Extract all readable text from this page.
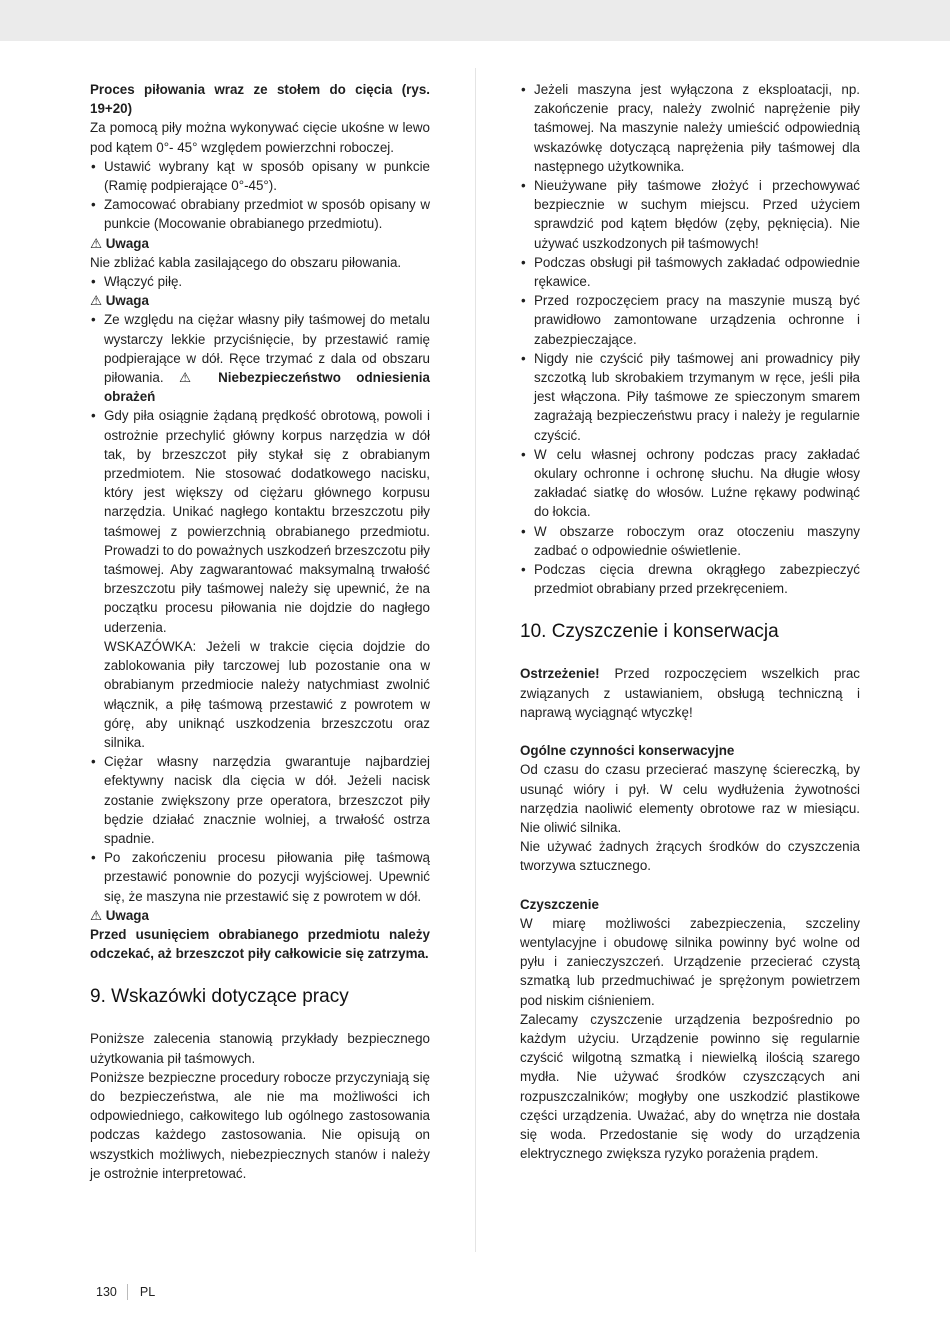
Proces piłowania wraz ze stołem do cięcia (rys. 19+20)

Za pomocą piły można wykonywać cięcie ukośne w lewo pod kątem 0°- 45° względem powierzchni roboczej.

• Ustawić wybrany kąt w sposób opisany w punkcie (Ramię podpierające 0°-45°).

• Zamocować obrabiany przedmiot w sposób opisany w punkcie (Mocowanie obrabianego przedmiotu).

⚠ Uwaga

Nie zbliżać kabla zasilającego do obszaru piłowania.

• Włączyć piłę.

⚠ Uwaga

• Ze względu na ciężar własny piły taśmowej do metalu wystarczy lekkie przyciśnięcie, by przestawić ramię podpierające w dół. Ręce trzymać z dala od obszaru piłowania. ⚠ Niebezpieczeństwo odniesienia obrażeń

• Gdy piła osiągnie żądaną prędkość obrotową, powoli i ostrożnie przechylić główny korpus narzędzia w dół tak, by brzeszczot piły stykał się z obrabianym przedmiotem. Nie stosować dodatkowego nacisku, który jest większy od ciężaru głównego korpusu narzędzia. Unikać nagłego kontaktu brzeszczotu piły taśmowej z powierzchnią obrabianego przedmiotu. Prowadzi to do poważnych uszkodzeń brzeszczotu piły taśmowej. Aby zagwarantować maksymalną trwałość brzeszczotu piły taśmowej należy się upewnić, że na początku procesu piłowania nie dojdzie do nagłego uderzenia.

WSKAZÓWKA: Jeżeli w trakcie cięcia dojdzie do zablokowania piły tarczowej lub pozostanie ona w obrabianym przedmiocie należy natychmiast zwolnić włącznik, a piłę taśmową przestawić z powrotem w górę, aby uniknąć uszkodzenia brzeszczotu oraz silnika.

• Ciężar własny narzędzia gwarantuje najbardziej efektywny nacisk dla cięcia w dół. Jeżeli nacisk zostanie zwiększony prze operatora, brzeszczot piły będzie działać znacznie wolniej, a trwałość ostrza spadnie.

• Po zakończeniu procesu piłowania piłę taśmową przestawić ponownie do pozycji wyjściowej. Upewnić się, że maszyna nie przestawić się z powrotem w dół.

⚠ Uwaga

Przed usunięciem obrabianego przedmiotu należy odczekać, aż brzeszczot piły całkowicie się zatrzyma.

9. Wskazówki dotyczące pracy

Poniższe zalecenia stanowią przykłady bezpiecznego użytkowania pił taśmowych.

Poniższe bezpieczne procedury robocze przyczyniają się do bezpieczeństwa, ale nie ma możliwości ich odpowiedniego, całkowitego lub ogólnego zastosowania podczas każdego zastosowania. Nie opisują on wszystkich możliwych, niebezpiecznych stanów i należy je ostrożnie interpretować.

• Jeżeli maszyna jest wyłączona z eksploatacji, np. zakończenie pracy, należy zwolnić naprężenie piły taśmowej. Na maszynie należy umieścić odpowiednią wskazówkę dotyczącą naprężenia piły taśmowej dla następnego użytkownika.

• Nieużywane piły taśmowe złożyć i przechowywać bezpiecznie w suchym miejscu. Przed użyciem sprawdzić pod kątem błędów (zęby, pęknięcia). Nie używać uszkodzonych pił taśmowych!

• Podczas obsługi pił taśmowych zakładać odpowiednie rękawice.

• Przed rozpoczęciem pracy na maszynie muszą być prawidłowo zamontowane urządzenia ochronne i zabezpieczające.

• Nigdy nie czyścić piły taśmowej ani prowadnicy piły szczotką lub skrobakiem trzymanym w ręce, jeśli piła jest włączona. Piły taśmowe ze spieczonym smarem zagrażają bezpieczeństwu pracy i należy je regularnie czyścić.

• W celu własnej ochrony podczas pracy zakładać okulary ochronne i ochronę słuchu. Na długie włosy zakładać siatkę do włosów. Luźne rękawy podwinąć do łokcia.

• W obszarze roboczym oraz otoczeniu maszyny zadbać o odpowiednie oświetlenie.

• Podczas cięcia drewna okrągłego zabezpieczyć przedmiot obrabiany przed przekręceniem.

10. Czyszczenie i konserwacja

Ostrzeżenie! Przed rozpoczęciem wszelkich prac związanych z ustawianiem, obsługą techniczną i naprawą wyciągnąć wtyczkę!

Ogólne czynności konserwacyjne

Od czasu do czasu przecierać maszynę ściereczką, by usunąć wióry i pył. W celu wydłużenia żywotności narzędzia naoliwić elementy obrotowe raz w miesiącu. Nie oliwić silnika.

Nie używać żadnych żrących środków do czyszczenia tworzywa sztucznego.

Czyszczenie

W miarę możliwości zabezpieczenia, szczeliny wentylacyjne i obudowę silnika powinny być wolne od pyłu i zanieczyszczeń. Urządzenie przecierać czystą szmatką lub przedmuchiwać je sprężonym powietrzem pod niskim ciśnieniem.

Zalecamy czyszczenie urządzenia bezpośrednio po każdym użyciu. Urządzenie powinno się regularnie czyścić wilgotną szmatką i niewielką ilością szarego mydła. Nie używać środków czyszczących ani rozpuszczalników; mogłyby one uszkodzić plastikowe części urządzenia. Uważać, aby do wnętrza nie dostała się woda. Przedostanie się wody do urządzenia elektrycznego zwiększa ryzyko porażenia prądem.

130 PL
